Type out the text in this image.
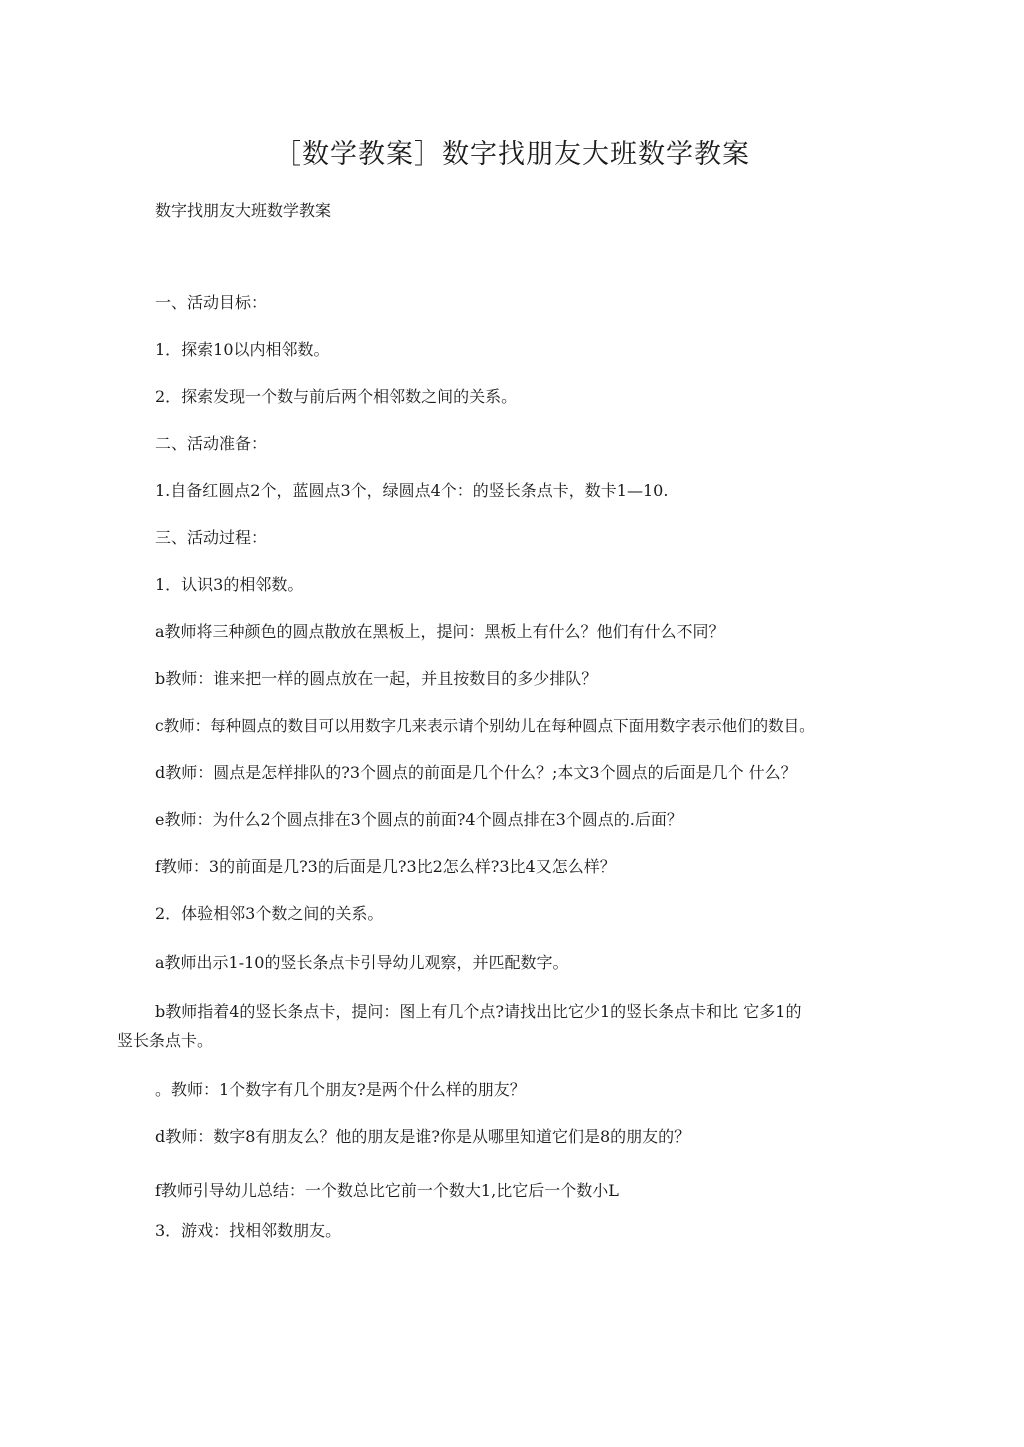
［数学教案］数字找朋友大班数学教案
数字找朋友大班数学教案
一、活动目标：
1．探索10以内相邻数。
2．探索发现一个数与前后两个相邻数之间的关系。
二、活动准备：
1.自备红圆点2个，蓝圆点3个，绿圆点4个：的竖长条点卡，数卡1—10.
三、活动过程：
1．认识3的相邻数。
a教师将三种颜色的圆点散放在黑板上，提问：黑板上有什么？他们有什么不同？
b教师：谁来把一样的圆点放在一起，并且按数目的多少排队？
c教师：每种圆点的数目可以用数字几来表示请个别幼儿在每种圆点下面用数字表示他们的数目。
d教师：圆点是怎样排队的?3个圆点的前面是几个什么？;本文3个圆点的后面是几个 什么？
e教师：为什么2个圆点排在3个圆点的前面?4个圆点排在3个圆点的.后面？
f教师：3的前面是几?3的后面是几?3比2怎么样?3比4又怎么样？
2．体验相邻3个数之间的关系。
a教师出示1-10的竖长条点卡引导幼儿观察，并匹配数字。
b教师指着4的竖长条点卡，提问：图上有几个点?请找出比它少1的竖长条点卡和比 它多1的
竖长条点卡。
。教师：1个数字有几个朋友?是两个什么样的朋友？
d教师：数字8有朋友么？他的朋友是谁?你是从哪里知道它们是8的朋友的？
f教师引导幼儿总结：一个数总比它前一个数大1,比它后一个数小L
3．游戏：找相邻数朋友。
